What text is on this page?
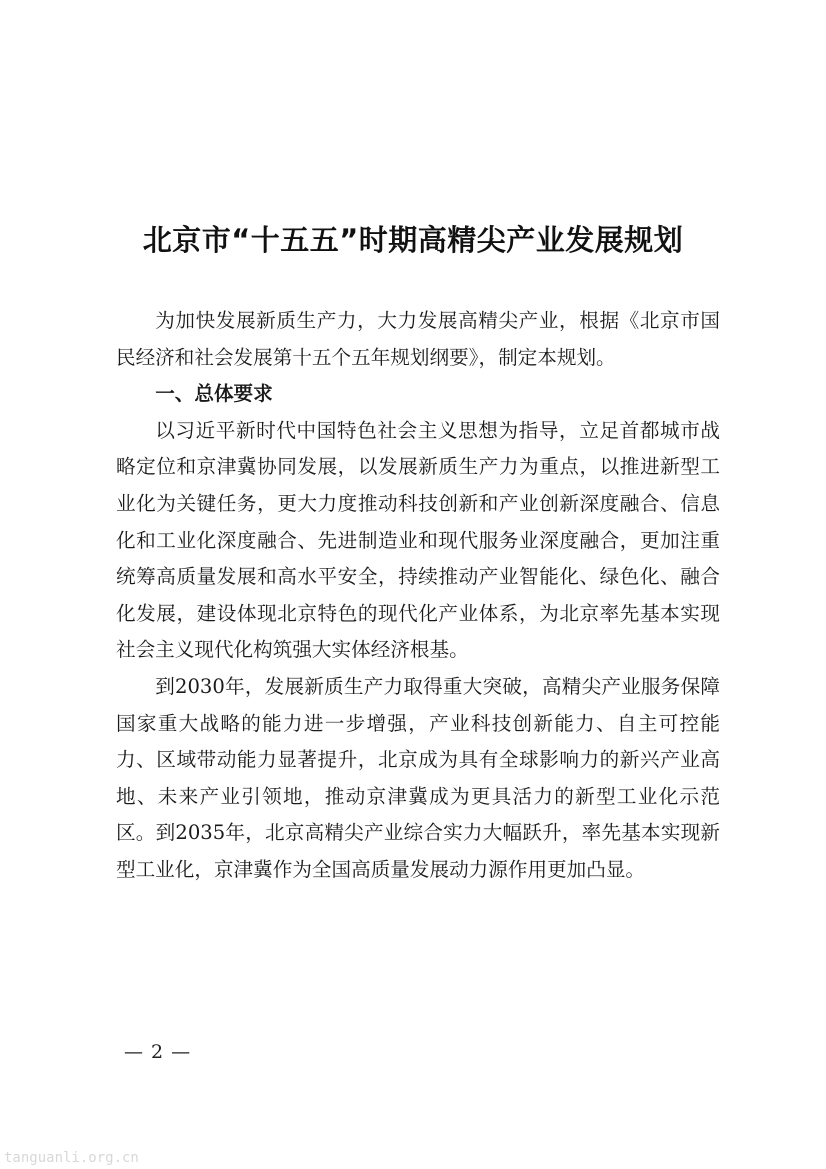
北京市“十五五”时期高精尖产业发展规划

为加快发展新质生产力，大力发展高精尖产业，根据《北京市国民经济和社会发展第十五个五年规划纲要》，制定本规划。

一、总体要求

以习近平新时代中国特色社会主义思想为指导，立足首都城市战略定位和京津冀协同发展，以发展新质生产力为重点，以推进新型工业化为关键任务，更大力度推动科技创新和产业创新深度融合、信息化和工业化深度融合、先进制造业和现代服务业深度融合，更加注重统筹高质量发展和高水平安全，持续推动产业智能化、绿色化、融合化发展，建设体现北京特色的现代化产业体系，为北京率先基本实现社会主义现代化构筑强大实体经济根基。

到2030年，发展新质生产力取得重大突破，高精尖产业服务保障国家重大战略的能力进一步增强，产业科技创新能力、自主可控能力、区域带动能力显著提升，北京成为具有全球影响力的新兴产业高地、未来产业引领地，推动京津冀成为更具活力的新型工业化示范区。到2035年，北京高精尖产业综合实力大幅跃升，率先基本实现新型工业化，京津冀作为全国高质量发展动力源作用更加凸显。

— 2 —
tanguanli.org.cn
